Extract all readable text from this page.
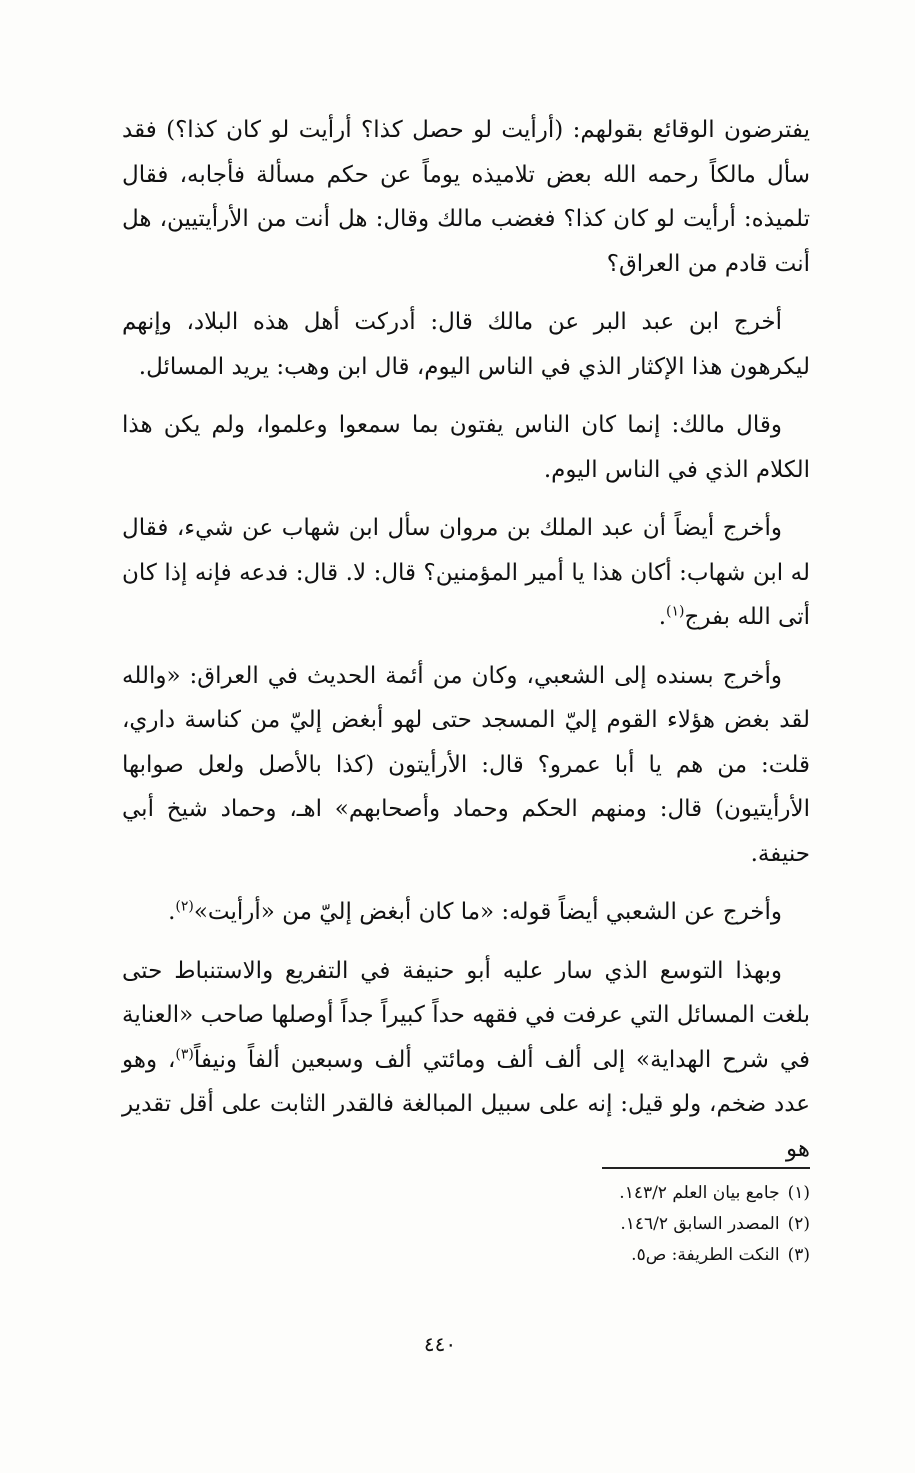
يفترضون الوقائع بقولهم: (أرأيت لو حصل كذا؟ أرأيت لو كان كذا؟) فقد سأل مالكاً رحمه الله بعض تلاميذه يوماً عن حكم مسألة فأجابه، فقال تلميذه: أرأيت لو كان كذا؟ فغضب مالك وقال: هل أنت من الأرأيتيين، هل أنت قادم من العراق؟

أخرج ابن عبد البر عن مالك قال: أدركت أهل هذه البلاد، وإنهم ليكرهون هذا الإكثار الذي في الناس اليوم، قال ابن وهب: يريد المسائل.

وقال مالك: إنما كان الناس يفتون بما سمعوا وعلموا، ولم يكن هذا الكلام الذي في الناس اليوم.

وأخرج أيضاً أن عبد الملك بن مروان سأل ابن شهاب عن شيء، فقال له ابن شهاب: أكان هذا يا أمير المؤمنين؟ قال: لا. قال: فدعه فإنه إذا كان أتى الله بفرج$^{(١)}$.

وأخرج بسنده إلى الشعبي، وكان من أئمة الحديث في العراق: «والله لقد بغض هؤلاء القوم إليّ المسجد حتى لهو أبغض إليّ من كناسة داري، قلت: من هم يا أبا عمرو؟ قال: الأرأيتون (كذا بالأصل ولعل صوابها الأرأيتيون) قال: ومنهم الحكم وحماد وأصحابهم» اهـ، وحماد شيخ أبي حنيفة.

وأخرج عن الشعبي أيضاً قوله: «ما كان أبغض إليّ من «أرأيت»$^{(٢)}$.

وبهذا التوسع الذي سار عليه أبو حنيفة في التفريع والاستنباط حتى بلغت المسائل التي عرفت في فقهه حداً كبيراً جداً أوصلها صاحب «العناية في شرح الهداية» إلى ألف ألف ومائتي ألف وسبعين ألفاً ونيفاً$^{(٣)}$، وهو عدد ضخم، ولو قيل: إنه على سبيل المبالغة فالقدر الثابت على أقل تقدير هو

(١)جامع بيان العلم ١٤٣/٢.

(٢)المصدر السابق ١٤٦/٢.

(٣)النكت الطريفة: ص٥.

٤٤٠
